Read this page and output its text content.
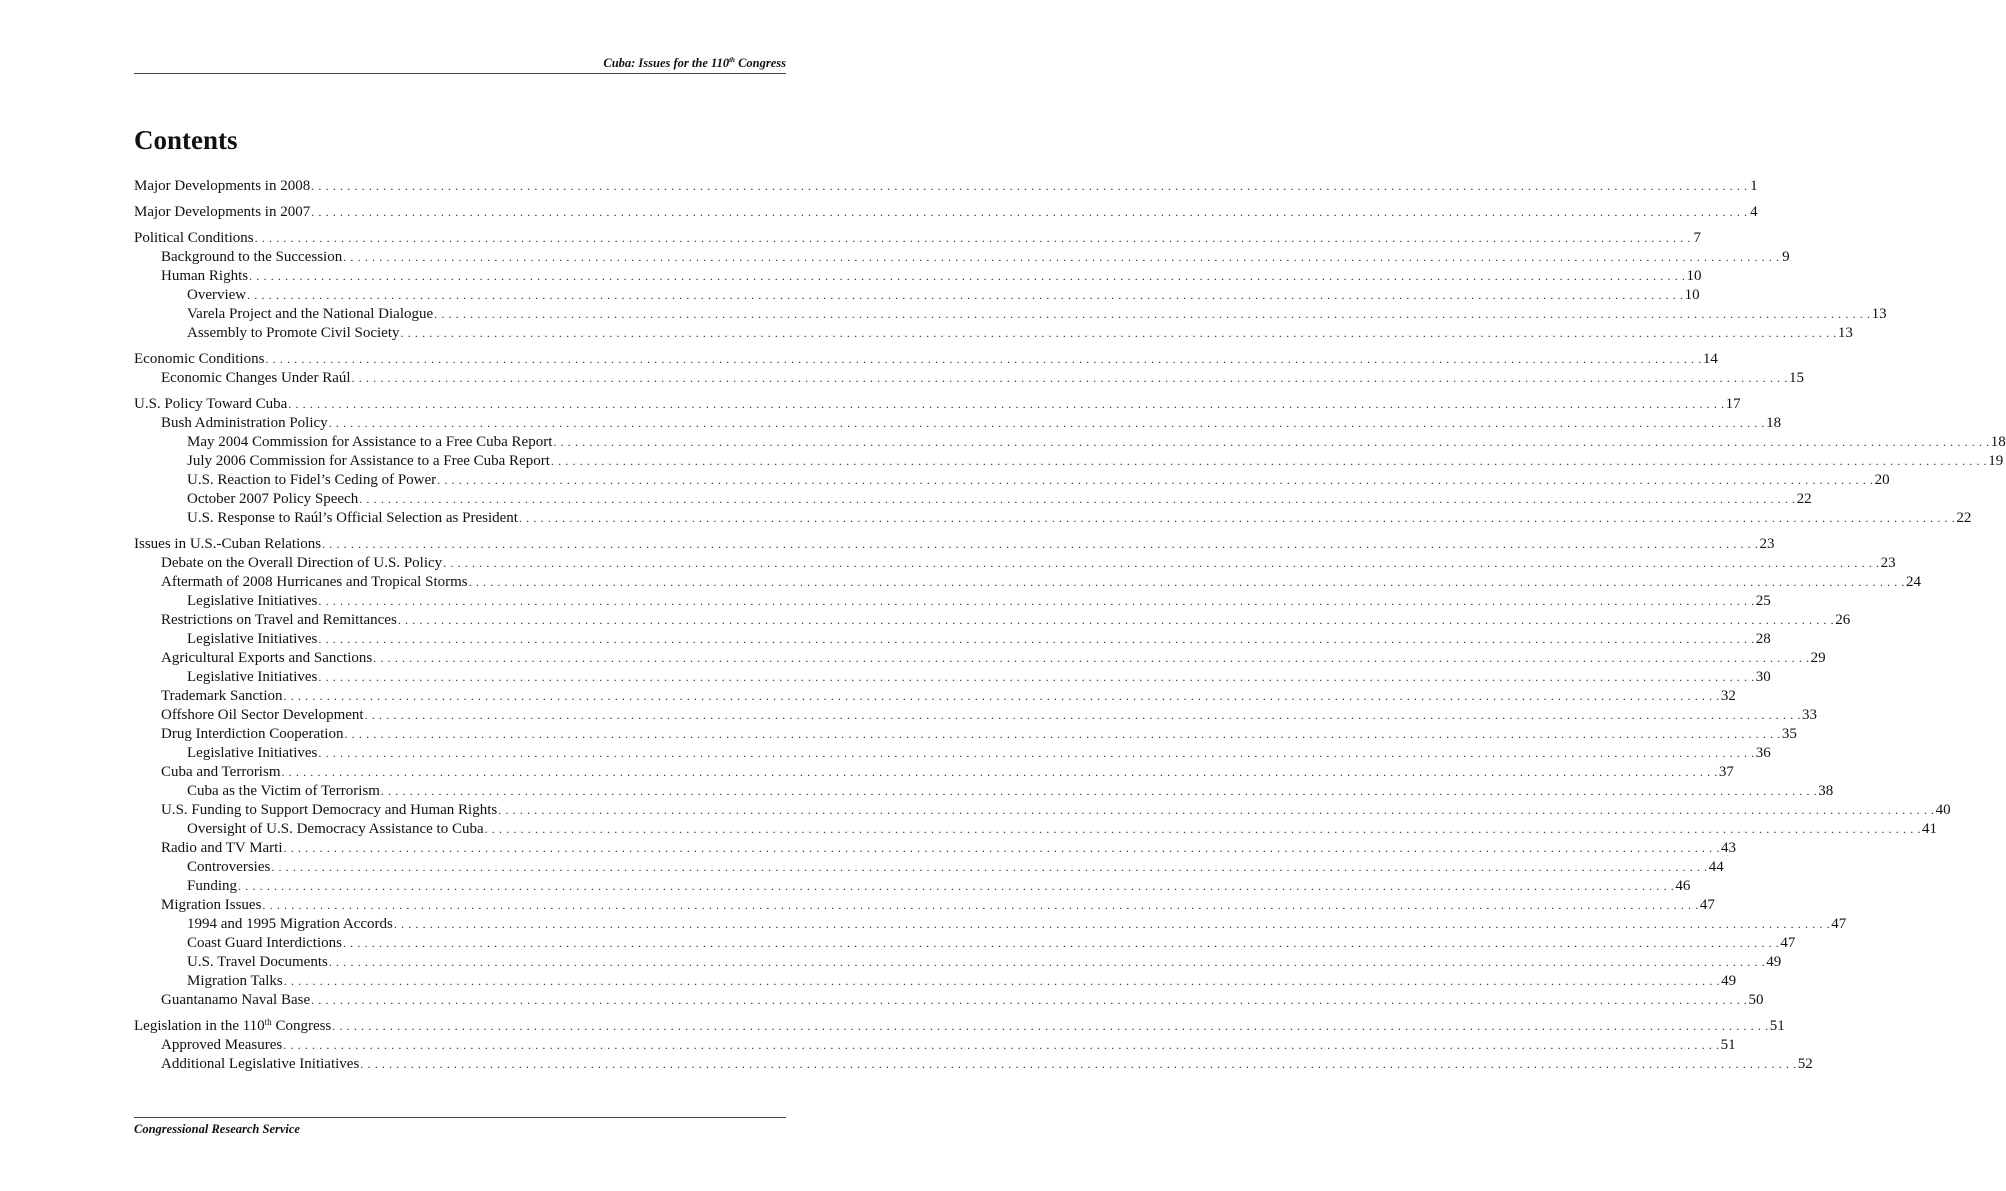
Cuba: Issues for the 110th Congress
Contents
Major Developments in 2008 . . . . . . . . . . . . . . . . . . . . . . . . . . . . . . . . . . . . . . . . . . . . . . . . . . . . . . . . . . . . . . . . . . . . . . . . . . . . . . . . . . . . . . . . . . . . . . . . . . . . . . . . . . . . . . . . . . . . . . . . . . . . . . . . . . . . . . . . . . . . . . . . . . . . . . . . . . . . . . . . . . . . . . . . . . . . . . . . . . . . . . . . . . . . . . . . . . . . . . . . 1
Major Developments in 2007 . . . . . . . . . . . . . . . . . . . . . . . . . . . . . . . . . . . . . . . . . . . . . . . . . . . . . . . . . . . . . . . . . . . . . . . . . . . . . . . . . . . . . . . . . . . . . . . . . . . . . . . . . . . . . . . . . . . . . . . . . . . . . . . . . . . . . . . . . . . . . . . . . . . . . . . . . . . . . . . . . . . . . . . . . . . . . . . . . . . . . . . . . . . . . . . . . . . . . . . . 4
Political Conditions . . . . . . . . . . . . . . . . . . . . . . . . . . . . . . . . . . . . . . . . . . . . . . . . . . . . . . . . . . . . . . . . . . . . . . . . . . . . . . . . . . . . . . . . . . . . . . . . . . . . . . . . . . . . . . . . . . . . . . . . . . . . . . . . . . . . . . . . . . . . . . . . . . . . . . . . . . . . . . . . . . . . . . . . . . . . . . . . . . . . . . . . . . . . . . . . . . . . . . . . 7
Background to the Succession . . . . . . . . . . . . . . . . . . . . . . . . . . . . . . . . . . . . . . . . . . . . . . . . . . . . . . . . . . . . . . . . . . . . . . . . . . . . . . . . . . . . . . . . . . . . . . . . . . . . . . . . . . . . . . . . . . . . . . . . . . . . . . . . . . . . . . . . . . . . . . . . . . . . . . . . . . . . . . . . . . . . . . . . . . . . . . . . . . . . . . . . . . . . . . . . . . . . . . . . 9
Human Rights . . . . . . . . . . . . . . . . . . . . . . . . . . . . . . . . . . . . . . . . . . . . . . . . . . . . . . . . . . . . . . . . . . . . . . . . . . . . . . . . . . . . . . . . . . . . . . . . . . . . . . . . . . . . . . . . . . . . . . . . . . . . . . . . . . . . . . . . . . . . . . . . . . . . . . . . . . . . . . . . . . . . . . . . . . . . . . . . . . . . . . . . . . . . . . . . . . . . . . . . 10
Overview . . . . . . . . . . . . . . . . . . . . . . . . . . . . . . . . . . . . . . . . . . . . . . . . . . . . . . . . . . . . . . . . . . . . . . . . . . . . . . . . . . . . . . . . . . . . . . . . . . . . . . . . . . . . . . . . . . . . . . . . . . . . . . . . . . . . . . . . . . . . . . . . . . . . . . . . . . . . . . . . . . . . . . . . . . . . . . . . . . . . . . . . . . . . . . . . . . . . . . . . 10
Varela Project and the National Dialogue . . . . . . . . . . . . . . . . . . . . . . . . . . . . . . . . . . . . . . . . . . . . . . . . . . . . . . . . . . . . . . . . . . . . . . . . . . . . . . . . . . . . . . . . . . . . . . . . . . . . . . . . . . . . . . . . . . . . . . . . . . . . . . . . . . . . . . . . . . . . . . . . . . . . . . . . . . . . . . . . . . . . . . . . . . . . . . . . . . . . . . . . . . . . . . . . . . . . . . . . 13
Assembly to Promote Civil Society . . . . . . . . . . . . . . . . . . . . . . . . . . . . . . . . . . . . . . . . . . . . . . . . . . . . . . . . . . . . . . . . . . . . . . . . . . . . . . . . . . . . . . . . . . . . . . . . . . . . . . . . . . . . . . . . . . . . . . . . . . . . . . . . . . . . . . . . . . . . . . . . . . . . . . . . . . . . . . . . . . . . . . . . . . . . . . . . . . . . . . . . . . . . . . . . . . . . . . . . 13
Economic Conditions . . . . . . . . . . . . . . . . . . . . . . . . . . . . . . . . . . . . . . . . . . . . . . . . . . . . . . . . . . . . . . . . . . . . . . . . . . . . . . . . . . . . . . . . . . . . . . . . . . . . . . . . . . . . . . . . . . . . . . . . . . . . . . . . . . . . . . . . . . . . . . . . . . . . . . . . . . . . . . . . . . . . . . . . . . . . . . . . . . . . . . . . . . . . . . . . . . . . . . . . 14
Economic Changes Under Raúl . . . . . . . . . . . . . . . . . . . . . . . . . . . . . . . . . . . . . . . . . . . . . . . . . . . . . . . . . . . . . . . . . . . . . . . . . . . . . . . . . . . . . . . . . . . . . . . . . . . . . . . . . . . . . . . . . . . . . . . . . . . . . . . . . . . . . . . . . . . . . . . . . . . . . . . . . . . . . . . . . . . . . . . . . . . . . . . . . . . . . . . . . . . . . . . . . . . . . . . . 15
U.S. Policy Toward Cuba . . . . . . . . . . . . . . . . . . . . . . . . . . . . . . . . . . . . . . . . . . . . . . . . . . . . . . . . . . . . . . . . . . . . . . . . . . . . . . . . . . . . . . . . . . . . . . . . . . . . . . . . . . . . . . . . . . . . . . . . . . . . . . . . . . . . . . . . . . . . . . . . . . . . . . . . . . . . . . . . . . . . . . . . . . . . . . . . . . . . . . . . . . . . . . . . . . . . . . . . 17
Bush Administration Policy . . . . . . . . . . . . . . . . . . . . . . . . . . . . . . . . . . . . . . . . . . . . . . . . . . . . . . . . . . . . . . . . . . . . . . . . . . . . . . . . . . . . . . . . . . . . . . . . . . . . . . . . . . . . . . . . . . . . . . . . . . . . . . . . . . . . . . . . . . . . . . . . . . . . . . . . . . . . . . . . . . . . . . . . . . . . . . . . . . . . . . . . . . . . . . . . . . . . . . . . 18
May 2004 Commission for Assistance to a Free Cuba Report . . . . . . . . . . . . . . . . . . . . . . . . . . . . . . . . . . . . . . . . . . . . . . . . . . . . . . . . . . . . . . . . . . . . . . . . . . . . . . . . . . . . . . . . . . . . . . . . . . . . . . . . . . . . . . . . . . . . . . . . . . . . . . . . . . . . . . . . . . . . . . . . . . . . . . . . . . . . . . . . . . . . . . . . . . . . . . . . . . . . . . . . . . . . . . . . . . . . . . . . 18
July 2006 Commission for Assistance to a Free Cuba Report . . . . . . . . . . . . . . . . . . . . . . . . . . . . . . . . . . . . . . . . . . . . . . . . . . . . . . . . . . . . . . . . . . . . . . . . . . . . . . . . . . . . . . . . . . . . . . . . . . . . . . . . . . . . . . . . . . . . . . . . . . . . . . . . . . . . . . . . . . . . . . . . . . . . . . . . . . . . . . . . . . . . . . . . . . . . . . . . . . . . . . . . . . . . . . . . . . . . . . . . 19
U.S. Reaction to Fidel’s Ceding of Power . . . . . . . . . . . . . . . . . . . . . . . . . . . . . . . . . . . . . . . . . . . . . . . . . . . . . . . . . . . . . . . . . . . . . . . . . . . . . . . . . . . . . . . . . . . . . . . . . . . . . . . . . . . . . . . . . . . . . . . . . . . . . . . . . . . . . . . . . . . . . . . . . . . . . . . . . . . . . . . . . . . . . . . . . . . . . . . . . . . . . . . . . . . . . . . . . . . . . . . . 20
October 2007 Policy Speech . . . . . . . . . . . . . . . . . . . . . . . . . . . . . . . . . . . . . . . . . . . . . . . . . . . . . . . . . . . . . . . . . . . . . . . . . . . . . . . . . . . . . . . . . . . . . . . . . . . . . . . . . . . . . . . . . . . . . . . . . . . . . . . . . . . . . . . . . . . . . . . . . . . . . . . . . . . . . . . . . . . . . . . . . . . . . . . . . . . . . . . . . . . . . . . . . . . . . . . . 22
U.S. Response to Raúl’s Official Selection as President . . . . . . . . . . . . . . . . . . . . . . . . . . . . . . . . . . . . . . . . . . . . . . . . . . . . . . . . . . . . . . . . . . . . . . . . . . . . . . . . . . . . . . . . . . . . . . . . . . . . . . . . . . . . . . . . . . . . . . . . . . . . . . . . . . . . . . . . . . . . . . . . . . . . . . . . . . . . . . . . . . . . . . . . . . . . . . . . . . . . . . . . . . . . . . . . . . . . . . . . 22
Issues in U.S.-Cuban Relations . . . . . . . . . . . . . . . . . . . . . . . . . . . . . . . . . . . . . . . . . . . . . . . . . . . . . . . . . . . . . . . . . . . . . . . . . . . . . . . . . . . . . . . . . . . . . . . . . . . . . . . . . . . . . . . . . . . . . . . . . . . . . . . . . . . . . . . . . . . . . . . . . . . . . . . . . . . . . . . . . . . . . . . . . . . . . . . . . . . . . . . . . . . . . . . . . . . . . . . . 23
Debate on the Overall Direction of U.S. Policy . . . . . . . . . . . . . . . . . . . . . . . . . . . . . . . . . . . . . . . . . . . . . . . . . . . . . . . . . . . . . . . . . . . . . . . . . . . . . . . . . . . . . . . . . . . . . . . . . . . . . . . . . . . . . . . . . . . . . . . . . . . . . . . . . . . . . . . . . . . . . . . . . . . . . . . . . . . . . . . . . . . . . . . . . . . . . . . . . . . . . . . . . . . . . . . . . . . . . . . . 23
Aftermath of 2008 Hurricanes and Tropical Storms . . . . . . . . . . . . . . . . . . . . . . . . . . . . . . . . . . . . . . . . . . . . . . . . . . . . . . . . . . . . . . . . . . . . . . . . . . . . . . . . . . . . . . . . . . . . . . . . . . . . . . . . . . . . . . . . . . . . . . . . . . . . . . . . . . . . . . . . . . . . . . . . . . . . . . . . . . . . . . . . . . . . . . . . . . . . . . . . . . . . . . . . . . . . . . . . . . . . . . . . 24
Legislative Initiatives . . . . . . . . . . . . . . . . . . . . . . . . . . . . . . . . . . . . . . . . . . . . . . . . . . . . . . . . . . . . . . . . . . . . . . . . . . . . . . . . . . . . . . . . . . . . . . . . . . . . . . . . . . . . . . . . . . . . . . . . . . . . . . . . . . . . . . . . . . . . . . . . . . . . . . . . . . . . . . . . . . . . . . . . . . . . . . . . . . . . . . . . . . . . . . . . . . . . . . . . 25
Restrictions on Travel and Remittances . . . . . . . . . . . . . . . . . . . . . . . . . . . . . . . . . . . . . . . . . . . . . . . . . . . . . . . . . . . . . . . . . . . . . . . . . . . . . . . . . . . . . . . . . . . . . . . . . . . . . . . . . . . . . . . . . . . . . . . . . . . . . . . . . . . . . . . . . . . . . . . . . . . . . . . . . . . . . . . . . . . . . . . . . . . . . . . . . . . . . . . . . . . . . . . . . . . . . . . . 26
Legislative Initiatives . . . . . . . . . . . . . . . . . . . . . . . . . . . . . . . . . . . . . . . . . . . . . . . . . . . . . . . . . . . . . . . . . . . . . . . . . . . . . . . . . . . . . . . . . . . . . . . . . . . . . . . . . . . . . . . . . . . . . . . . . . . . . . . . . . . . . . . . . . . . . . . . . . . . . . . . . . . . . . . . . . . . . . . . . . . . . . . . . . . . . . . . . . . . . . . . . . . . . . . . 28
Agricultural Exports and Sanctions . . . . . . . . . . . . . . . . . . . . . . . . . . . . . . . . . . . . . . . . . . . . . . . . . . . . . . . . . . . . . . . . . . . . . . . . . . . . . . . . . . . . . . . . . . . . . . . . . . . . . . . . . . . . . . . . . . . . . . . . . . . . . . . . . . . . . . . . . . . . . . . . . . . . . . . . . . . . . . . . . . . . . . . . . . . . . . . . . . . . . . . . . . . . . . . . . . . . . . . . 29
Legislative Initiatives . . . . . . . . . . . . . . . . . . . . . . . . . . . . . . . . . . . . . . . . . . . . . . . . . . . . . . . . . . . . . . . . . . . . . . . . . . . . . . . . . . . . . . . . . . . . . . . . . . . . . . . . . . . . . . . . . . . . . . . . . . . . . . . . . . . . . . . . . . . . . . . . . . . . . . . . . . . . . . . . . . . . . . . . . . . . . . . . . . . . . . . . . . . . . . . . . . . . . . . . 30
Trademark Sanction . . . . . . . . . . . . . . . . . . . . . . . . . . . . . . . . . . . . . . . . . . . . . . . . . . . . . . . . . . . . . . . . . . . . . . . . . . . . . . . . . . . . . . . . . . . . . . . . . . . . . . . . . . . . . . . . . . . . . . . . . . . . . . . . . . . . . . . . . . . . . . . . . . . . . . . . . . . . . . . . . . . . . . . . . . . . . . . . . . . . . . . . . . . . . . . . . . . . . . . . 32
Offshore Oil Sector Development . . . . . . . . . . . . . . . . . . . . . . . . . . . . . . . . . . . . . . . . . . . . . . . . . . . . . . . . . . . . . . . . . . . . . . . . . . . . . . . . . . . . . . . . . . . . . . . . . . . . . . . . . . . . . . . . . . . . . . . . . . . . . . . . . . . . . . . . . . . . . . . . . . . . . . . . . . . . . . . . . . . . . . . . . . . . . . . . . . . . . . . . . . . . . . . . . . . . . . . . 33
Drug Interdiction Cooperation . . . . . . . . . . . . . . . . . . . . . . . . . . . . . . . . . . . . . . . . . . . . . . . . . . . . . . . . . . . . . . . . . . . . . . . . . . . . . . . . . . . . . . . . . . . . . . . . . . . . . . . . . . . . . . . . . . . . . . . . . . . . . . . . . . . . . . . . . . . . . . . . . . . . . . . . . . . . . . . . . . . . . . . . . . . . . . . . . . . . . . . . . . . . . . . . . . . . . . . . 35
Legislative Initiatives . . . . . . . . . . . . . . . . . . . . . . . . . . . . . . . . . . . . . . . . . . . . . . . . . . . . . . . . . . . . . . . . . . . . . . . . . . . . . . . . . . . . . . . . . . . . . . . . . . . . . . . . . . . . . . . . . . . . . . . . . . . . . . . . . . . . . . . . . . . . . . . . . . . . . . . . . . . . . . . . . . . . . . . . . . . . . . . . . . . . . . . . . . . . . . . . . . . . . . . . 36
Cuba and Terrorism . . . . . . . . . . . . . . . . . . . . . . . . . . . . . . . . . . . . . . . . . . . . . . . . . . . . . . . . . . . . . . . . . . . . . . . . . . . . . . . . . . . . . . . . . . . . . . . . . . . . . . . . . . . . . . . . . . . . . . . . . . . . . . . . . . . . . . . . . . . . . . . . . . . . . . . . . . . . . . . . . . . . . . . . . . . . . . . . . . . . . . . . . . . . . . . . . . . . . . . . 37
Cuba as the Victim of Terrorism . . . . . . . . . . . . . . . . . . . . . . . . . . . . . . . . . . . . . . . . . . . . . . . . . . . . . . . . . . . . . . . . . . . . . . . . . . . . . . . . . . . . . . . . . . . . . . . . . . . . . . . . . . . . . . . . . . . . . . . . . . . . . . . . . . . . . . . . . . . . . . . . . . . . . . . . . . . . . . . . . . . . . . . . . . . . . . . . . . . . . . . . . . . . . . . . . . . . . . . . 38
U.S. Funding to Support Democracy and Human Rights . . . . . . . . . . . . . . . . . . . . . . . . . . . . . . . . . . . . . . . . . . . . . . . . . . . . . . . . . . . . . . . . . . . . . . . . . . . . . . . . . . . . . . . . . . . . . . . . . . . . . . . . . . . . . . . . . . . . . . . . . . . . . . . . . . . . . . . . . . . . . . . . . . . . . . . . . . . . . . . . . . . . . . . . . . . . . . . . . . . . . . . . . . . . . . . . . . . . . . . . 40
Oversight of U.S. Democracy Assistance to Cuba . . . . . . . . . . . . . . . . . . . . . . . . . . . . . . . . . . . . . . . . . . . . . . . . . . . . . . . . . . . . . . . . . . . . . . . . . . . . . . . . . . . . . . . . . . . . . . . . . . . . . . . . . . . . . . . . . . . . . . . . . . . . . . . . . . . . . . . . . . . . . . . . . . . . . . . . . . . . . . . . . . . . . . . . . . . . . . . . . . . . . . . . . . . . . . . . . . . . . . . . 41
Radio and TV Marti . . . . . . . . . . . . . . . . . . . . . . . . . . . . . . . . . . . . . . . . . . . . . . . . . . . . . . . . . . . . . . . . . . . . . . . . . . . . . . . . . . . . . . . . . . . . . . . . . . . . . . . . . . . . . . . . . . . . . . . . . . . . . . . . . . . . . . . . . . . . . . . . . . . . . . . . . . . . . . . . . . . . . . . . . . . . . . . . . . . . . . . . . . . . . . . . . . . . . . . . 43
Controversies . . . . . . . . . . . . . . . . . . . . . . . . . . . . . . . . . . . . . . . . . . . . . . . . . . . . . . . . . . . . . . . . . . . . . . . . . . . . . . . . . . . . . . . . . . . . . . . . . . . . . . . . . . . . . . . . . . . . . . . . . . . . . . . . . . . . . . . . . . . . . . . . . . . . . . . . . . . . . . . . . . . . . . . . . . . . . . . . . . . . . . . . . . . . . . . . . . . . . . . . 44
Funding . . . . . . . . . . . . . . . . . . . . . . . . . . . . . . . . . . . . . . . . . . . . . . . . . . . . . . . . . . . . . . . . . . . . . . . . . . . . . . . . . . . . . . . . . . . . . . . . . . . . . . . . . . . . . . . . . . . . . . . . . . . . . . . . . . . . . . . . . . . . . . . . . . . . . . . . . . . . . . . . . . . . . . . . . . . . . . . . . . . . . . . . . . . . . . . . . . . . . . . . 46
Migration Issues . . . . . . . . . . . . . . . . . . . . . . . . . . . . . . . . . . . . . . . . . . . . . . . . . . . . . . . . . . . . . . . . . . . . . . . . . . . . . . . . . . . . . . . . . . . . . . . . . . . . . . . . . . . . . . . . . . . . . . . . . . . . . . . . . . . . . . . . . . . . . . . . . . . . . . . . . . . . . . . . . . . . . . . . . . . . . . . . . . . . . . . . . . . . . . . . . . . . . . . . 47
1994 and 1995 Migration Accords . . . . . . . . . . . . . . . . . . . . . . . . . . . . . . . . . . . . . . . . . . . . . . . . . . . . . . . . . . . . . . . . . . . . . . . . . . . . . . . . . . . . . . . . . . . . . . . . . . . . . . . . . . . . . . . . . . . . . . . . . . . . . . . . . . . . . . . . . . . . . . . . . . . . . . . . . . . . . . . . . . . . . . . . . . . . . . . . . . . . . . . . . . . . . . . . . . . . . . . . 47
Coast Guard Interdictions . . . . . . . . . . . . . . . . . . . . . . . . . . . . . . . . . . . . . . . . . . . . . . . . . . . . . . . . . . . . . . . . . . . . . . . . . . . . . . . . . . . . . . . . . . . . . . . . . . . . . . . . . . . . . . . . . . . . . . . . . . . . . . . . . . . . . . . . . . . . . . . . . . . . . . . . . . . . . . . . . . . . . . . . . . . . . . . . . . . . . . . . . . . . . . . . . . . . . . . . 47
U.S. Travel Documents . . . . . . . . . . . . . . . . . . . . . . . . . . . . . . . . . . . . . . . . . . . . . . . . . . . . . . . . . . . . . . . . . . . . . . . . . . . . . . . . . . . . . . . . . . . . . . . . . . . . . . . . . . . . . . . . . . . . . . . . . . . . . . . . . . . . . . . . . . . . . . . . . . . . . . . . . . . . . . . . . . . . . . . . . . . . . . . . . . . . . . . . . . . . . . . . . . . . . . . . 49
Migration Talks . . . . . . . . . . . . . . . . . . . . . . . . . . . . . . . . . . . . . . . . . . . . . . . . . . . . . . . . . . . . . . . . . . . . . . . . . . . . . . . . . . . . . . . . . . . . . . . . . . . . . . . . . . . . . . . . . . . . . . . . . . . . . . . . . . . . . . . . . . . . . . . . . . . . . . . . . . . . . . . . . . . . . . . . . . . . . . . . . . . . . . . . . . . . . . . . . . . . . . . . 49
Guantanamo Naval Base . . . . . . . . . . . . . . . . . . . . . . . . . . . . . . . . . . . . . . . . . . . . . . . . . . . . . . . . . . . . . . . . . . . . . . . . . . . . . . . . . . . . . . . . . . . . . . . . . . . . . . . . . . . . . . . . . . . . . . . . . . . . . . . . . . . . . . . . . . . . . . . . . . . . . . . . . . . . . . . . . . . . . . . . . . . . . . . . . . . . . . . . . . . . . . . . . . . . . . . . 50
Legislation in the 110th Congress . . . . . . . . . . . . . . . . . . . . . . . . . . . . . . . . . . . . . . . . . . . . . . . . . . . . . . . . . . . . . . . . . . . . . . . . . . . . . . . . . . . . . . . . . . . . . . . . . . . . . . . . . . . . . . . . . . . . . . . . . . . . . . . . . . . . . . . . . . . . . . . . . . . . . . . . . . . . . . . . . . . . . . . . . . . . . . . . . . . . . . . . . . . . . . . . . . . . . . . . 51
Approved Measures . . . . . . . . . . . . . . . . . . . . . . . . . . . . . . . . . . . . . . . . . . . . . . . . . . . . . . . . . . . . . . . . . . . . . . . . . . . . . . . . . . . . . . . . . . . . . . . . . . . . . . . . . . . . . . . . . . . . . . . . . . . . . . . . . . . . . . . . . . . . . . . . . . . . . . . . . . . . . . . . . . . . . . . . . . . . . . . . . . . . . . . . . . . . . . . . . . . . . . . . 51
Additional Legislative Initiatives . . . . . . . . . . . . . . . . . . . . . . . . . . . . . . . . . . . . . . . . . . . . . . . . . . . . . . . . . . . . . . . . . . . . . . . . . . . . . . . . . . . . . . . . . . . . . . . . . . . . . . . . . . . . . . . . . . . . . . . . . . . . . . . . . . . . . . . . . . . . . . . . . . . . . . . . . . . . . . . . . . . . . . . . . . . . . . . . . . . . . . . . . . . . . . . . . . . . . . . . 52
Congressional Research Service
